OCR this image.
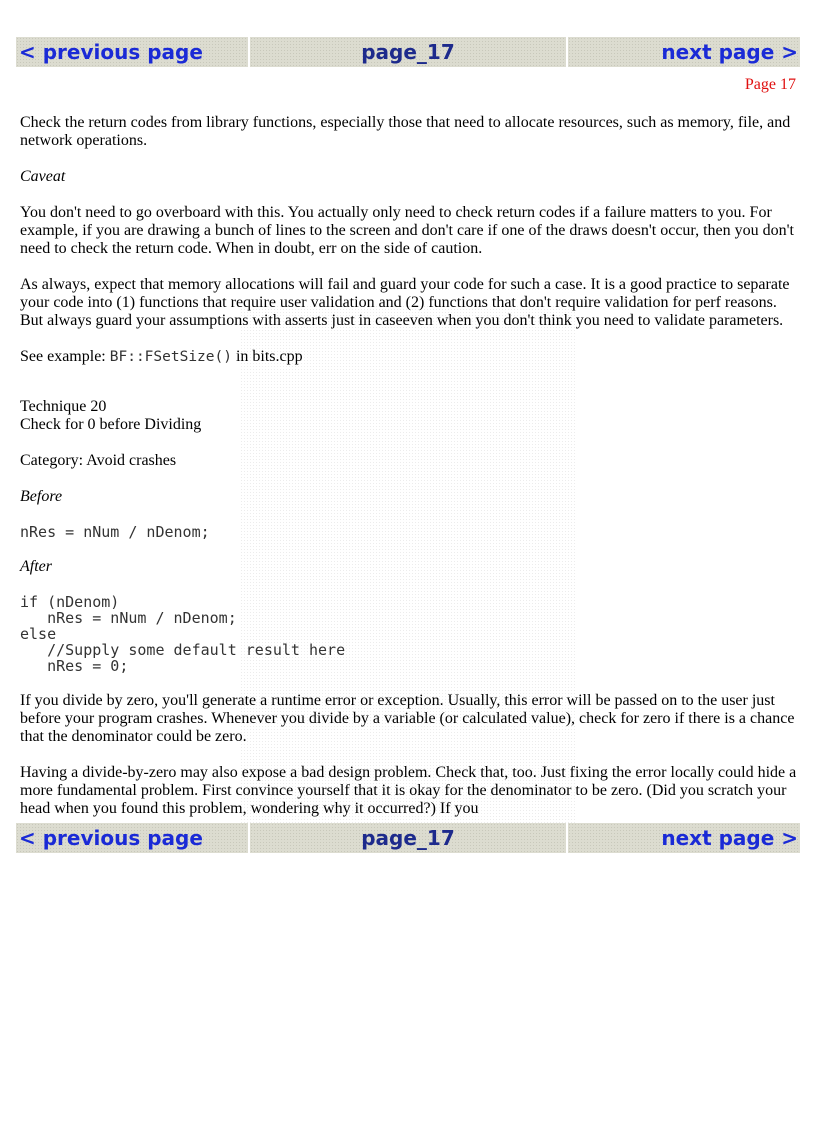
< previous page	page_17	next page >
Page 17

Check the return codes from library functions, especially those that need to allocate resources, such as memory, file, and network operations.

Caveat

You don't need to go overboard with this. You actually only need to check return codes if a failure matters to you. For example, if you are drawing a bunch of lines to the screen and don't care if one of the draws doesn't occur, then you don't need to check the return code. When in doubt, err on the side of caution.

As always, expect that memory allocations will fail and guard your code for such a case. It is a good practice to separate your code into (1) functions that require user validation and (2) functions that don't require validation for perf reasons. But always guard your assumptions with asserts just in caseeven when you don't think you need to validate parameters.

See example: BF::FSetSize() in bits.cpp

Technique 20
Check for 0 before Dividing

Category: Avoid crashes

Before

nRes = nNum / nDenom;

After

if (nDenom)
nRes = nNum / nDenom;
else
//Supply some default result here
nRes = 0;

If you divide by zero, you'll generate a runtime error or exception. Usually, this error will be passed on to the user just before your program crashes. Whenever you divide by a variable (or calculated value), check for zero if there is a chance that the denominator could be zero.

Having a divide-by-zero may also expose a bad design problem. Check that, too. Just fixing the error locally could hide a more fundamental problem. First convince yourself that it is okay for the denominator to be zero. (Did you scratch your head when you found this problem, wondering why it occurred?) If you

< previous page	page_17	next page >
